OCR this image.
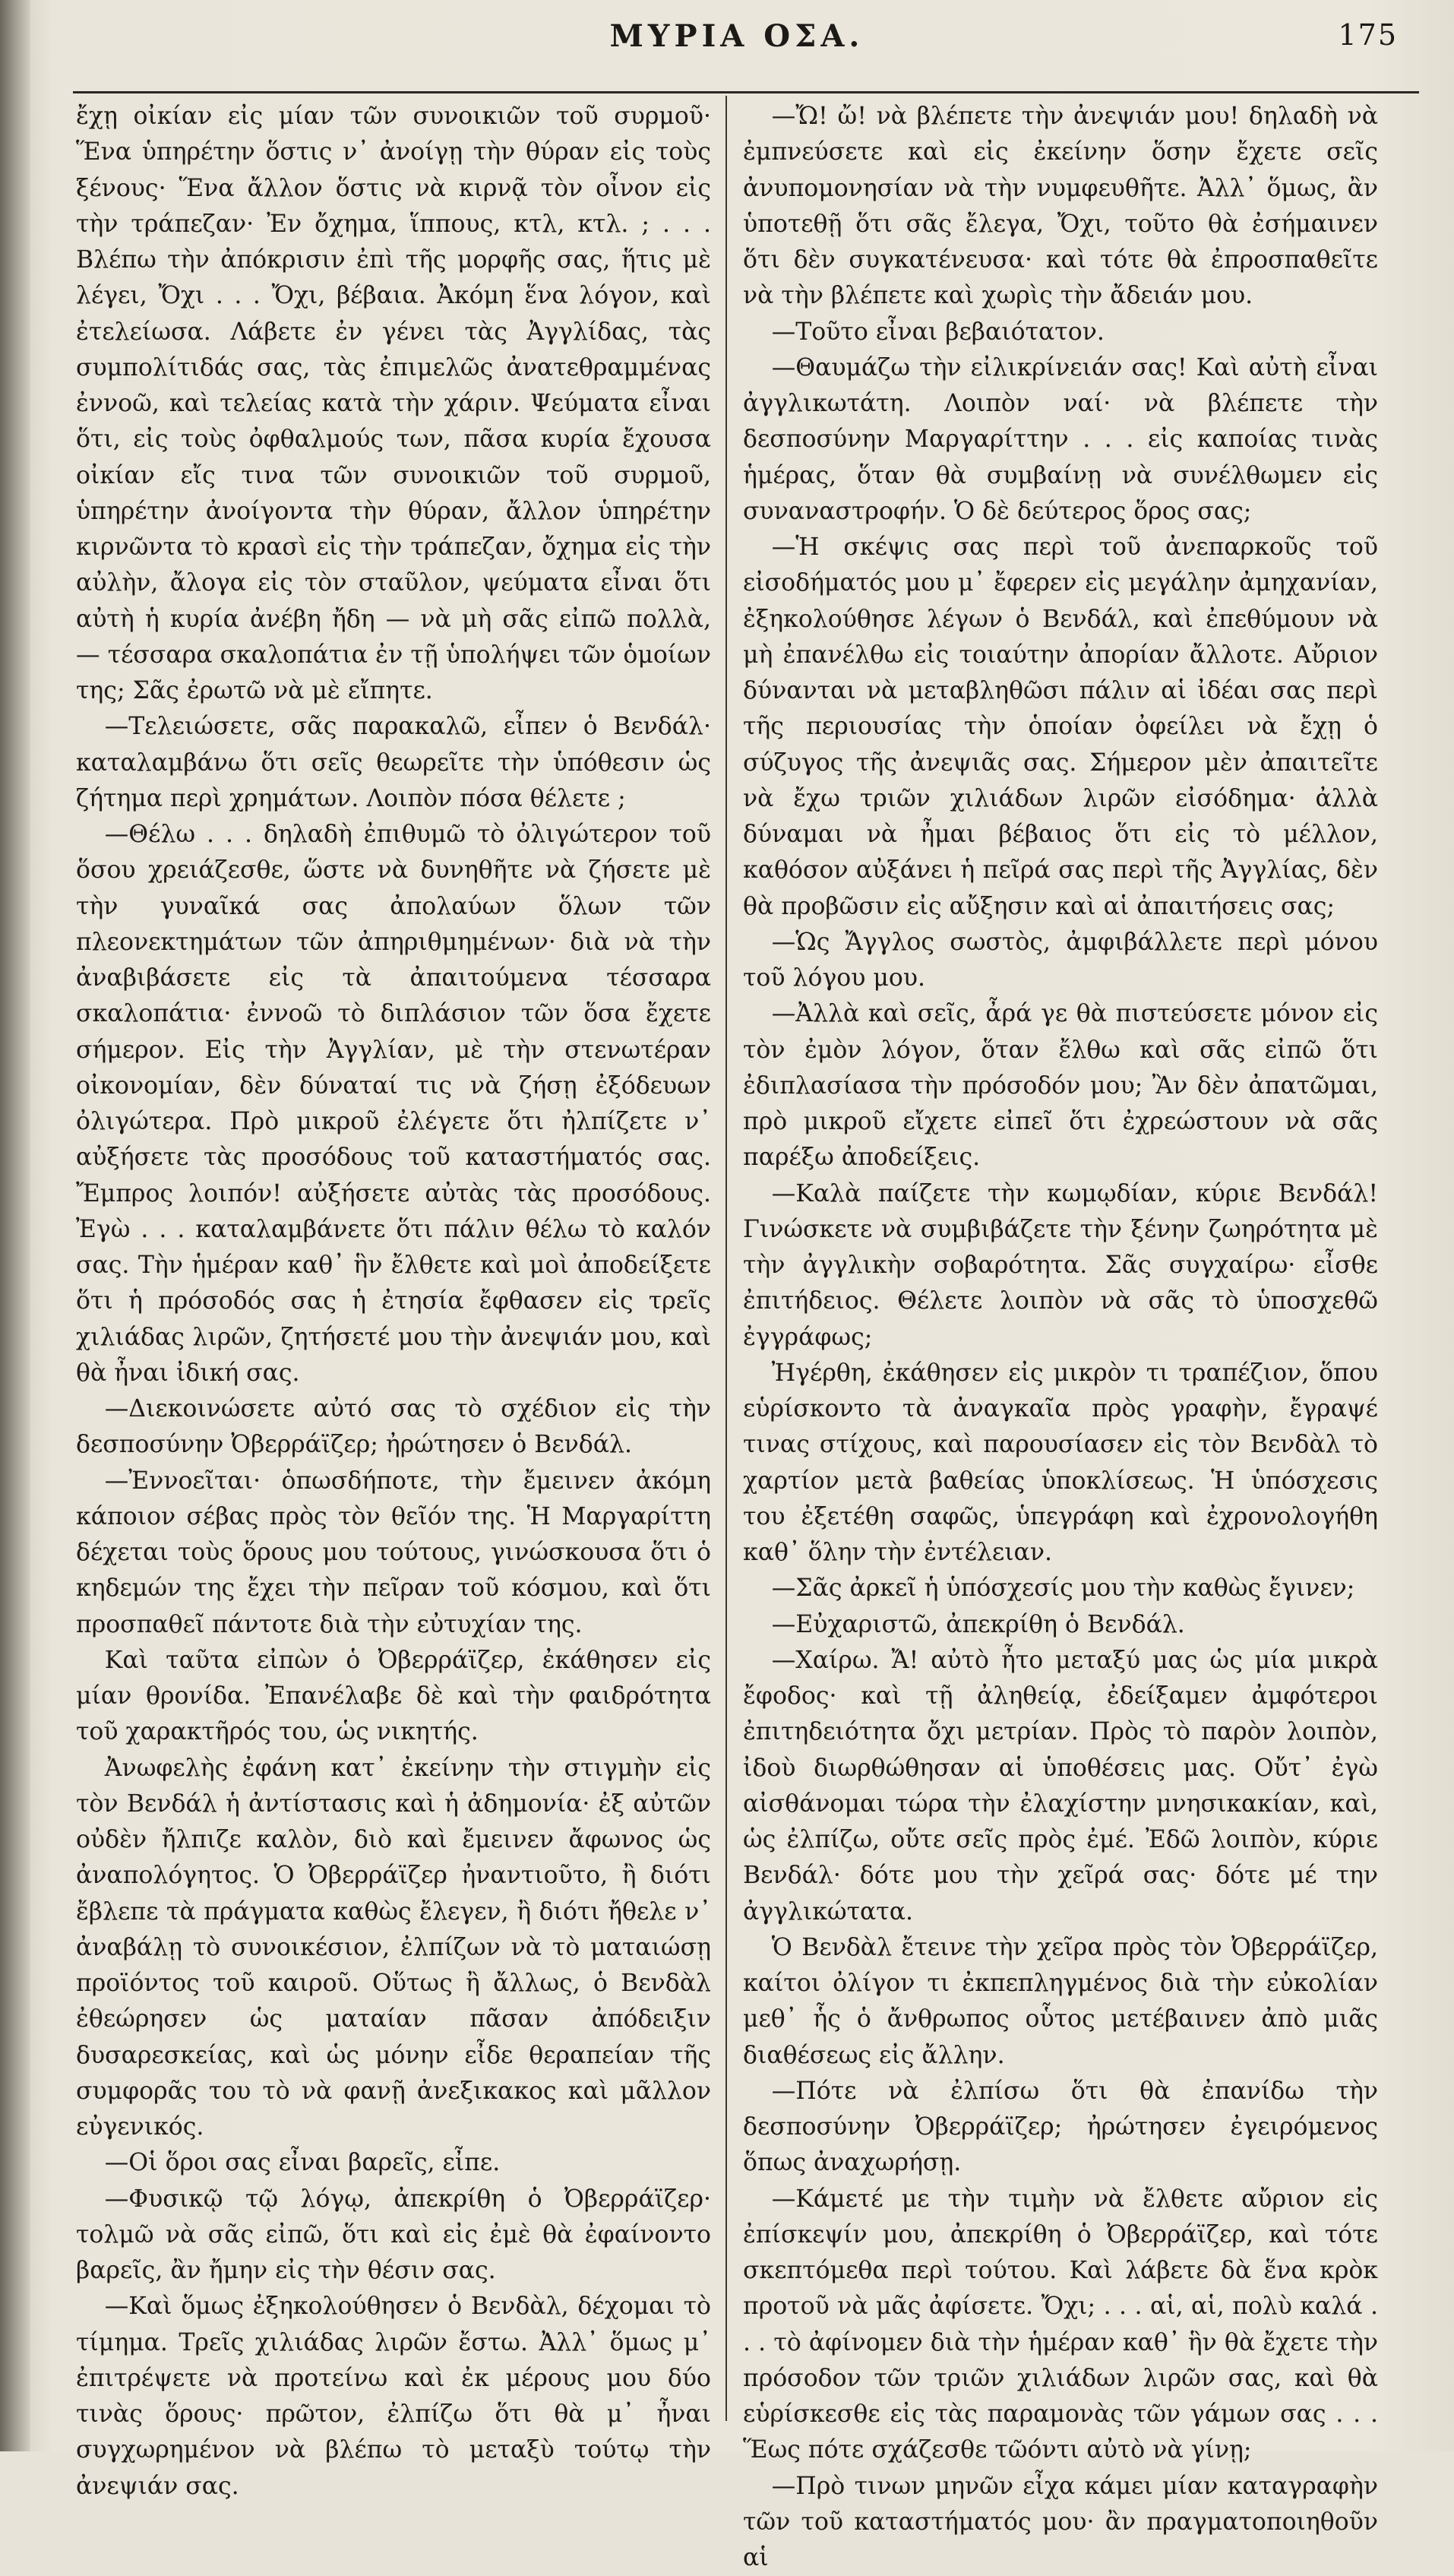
ΜΥΡΙΑ ΟΣΑ.	175

ἔχῃ οἰκίαν εἰς μίαν τῶν συνοικιῶν τοῦ συρμοῦ· Ἕνα ὑπηρέτην ὅστις ν᾽ ἀνοίγῃ τὴν θύραν εἰς τοὺς ξένους· Ἕνα ἄλλον ὅστις νὰ κιρνᾷ τὸν οἶνον εἰς τὴν τράπεζαν· Ἐν ὄχημα, ἵππους, κτλ, κτλ. ; . . . Βλέπω τὴν ἀπόκρισιν ἐπὶ τῆς μορφῆς σας, ἥτις μὲ λέγει, Ὄχι . . . Ὄχι, βέβαια. Ἀκόμη ἕνα λόγον, καὶ ἐτελείωσα. Λάβετε ἐν γένει τὰς Ἀγγλίδας, τὰς συμπολίτιδάς σας, τὰς ἐπιμελῶς ἀνατεθραμμένας ἐννοῶ, καὶ τελείας κατὰ τὴν χάριν. Ψεύματα εἶναι ὅτι, εἰς τοὺς ὀφθαλμούς των, πᾶσα κυρία ἔχουσα οἰκίαν εἴς τινα τῶν συνοικιῶν τοῦ συρμοῦ, ὑπηρέτην ἀνοίγοντα τὴν θύραν, ἄλλον ὑπηρέτην κιρνῶντα τὸ κρασὶ εἰς τὴν τράπεζαν, ὄχημα εἰς τὴν αὐλὴν, ἄλογα εἰς τὸν σταῦλον, ψεύματα εἶναι ὅτι αὐτὴ ἡ κυρία ἀνέβη ἤδη — νὰ μὴ σᾶς εἰπῶ πολλὰ, — τέσσαρα σκαλοπάτια ἐν τῇ ὑπολήψει τῶν ὁμοίων της; Σᾶς ἐρωτῶ νὰ μὲ εἴπητε.

—Τελειώσετε, σᾶς παρακαλῶ, εἶπεν ὁ Βενδάλ· καταλαμβάνω ὅτι σεῖς θεωρεῖτε τὴν ὑπόθεσιν ὡς ζήτημα περὶ χρημάτων. Λοιπὸν πόσα θέλετε ;

—Θέλω . . . δηλαδὴ ἐπιθυμῶ τὸ ὀλιγώτερον τοῦ ὅσου χρειάζεσθε, ὥστε νὰ δυνηθῆτε νὰ ζήσετε μὲ τὴν γυναῖκά σας ἀπολαύων ὅλων τῶν πλεονεκτημάτων τῶν ἀπηριθμημένων· διὰ νὰ τὴν ἀναβιβάσετε εἰς τὰ ἀπαιτούμενα τέσσαρα σκαλοπάτια· ἐννοῶ τὸ διπλάσιον τῶν ὅσα ἔχετε σήμερον. Εἰς τὴν Ἀγγλίαν, μὲ τὴν στενωτέραν οἰκονομίαν, δὲν δύναταί τις νὰ ζήσῃ ἐξόδευων ὀλιγώτερα. Πρὸ μικροῦ ἐλέγετε ὅτι ἠλπίζετε ν᾽ αὐξήσετε τὰς προσόδους τοῦ καταστήματός σας. Ἔμπρος λοιπόν! αὐξήσετε αὐτὰς τὰς προσόδους. Ἐγὼ . . . καταλαμβάνετε ὅτι πάλιν θέλω τὸ καλόν σας. Τὴν ἡμέραν καθ᾽ ἣν ἔλθετε καὶ μοὶ ἀποδείξετε ὅτι ἡ πρόσοδός σας ἡ ἐτησία ἔφθασεν εἰς τρεῖς χιλιάδας λιρῶν, ζητήσετέ μου τὴν ἀνεψιάν μου, καὶ θὰ ἦναι ἰδική σας.

—Διεκοινώσετε αὐτό σας τὸ σχέδιον εἰς τὴν δεσποσύνην Ὀβερράϊζερ; ἠρώτησεν ὁ Βενδάλ.

—Ἐννοεῖται· ὁπωσδήποτε, τὴν ἔμεινεν ἀκόμη κάποιον σέβας πρὸς τὸν θεῖόν της. Ἡ Μαργαρίττη δέχεται τοὺς ὅρους μου τούτους, γινώσκουσα ὅτι ὁ κηδεμών της ἔχει τὴν πεῖραν τοῦ κόσμου, καὶ ὅτι προσπαθεῖ πάντοτε διὰ τὴν εὐτυχίαν της.

Καὶ ταῦτα εἰπὼν ὁ Ὀβερράϊζερ, ἐκάθησεν εἰς μίαν θρονίδα. Ἐπανέλαβε δὲ καὶ τὴν φαιδρότητα τοῦ χαρακτῆρός του, ὡς νικητής.

Ἀνωφελὴς ἐφάνη κατ᾽ ἐκείνην τὴν στιγμὴν εἰς τὸν Βενδάλ ἡ ἀντίστασις καὶ ἡ ἀδημονία· ἐξ αὐτῶν οὐδὲν ἤλπιζε καλὸν, διὸ καὶ ἔμεινεν ἄφωνος ὡς ἀναπολόγητος. Ὁ Ὀβερράϊζερ ἠναντιοῦτο, ἢ διότι ἔβλεπε τὰ πράγματα καθὼς ἔλεγεν, ἢ διότι ἤθελε ν᾽ ἀναβάλῃ τὸ συνοικέσιον, ἐλπίζων νὰ τὸ ματαιώσῃ προϊόντος τοῦ καιροῦ. Οὕτως ἢ ἄλλως, ὁ Βενδὰλ ἐθεώρησεν ὡς ματαίαν πᾶσαν ἀπόδειξιν δυσαρεσκείας, καὶ ὡς μόνην εἶδε θεραπείαν τῆς συμφορᾶς του τὸ νὰ φανῇ ἀνεξικακος καὶ μᾶλλον εὐγενικός.

—Οἱ ὅροι σας εἶναι βαρεῖς, εἶπε.

—Φυσικῷ τῷ λόγῳ, ἀπεκρίθη ὁ Ὀβερράϊζερ· τολμῶ νὰ σᾶς εἰπῶ, ὅτι καὶ εἰς ἐμὲ θὰ ἐφαίνοντο βαρεῖς, ἂν ἤμην εἰς τὴν θέσιν σας.

—Καὶ ὅμως ἐξηκολούθησεν ὁ Βενδὰλ, δέχομαι τὸ τίμημα. Τρεῖς χιλιάδας λιρῶν ἔστω. Ἀλλ᾽ ὅμως μ᾽ ἐπιτρέψετε νὰ προτείνω καὶ ἐκ μέρους μου δύο τινὰς ὅρους· πρῶτον, ἐλπίζω ὅτι θὰ μ᾽ ἦναι συγχωρημένον νὰ βλέπω τὸ μεταξὺ τούτῳ τὴν ἀνεψιάν σας.

—Ὤ! ὤ! νὰ βλέπετε τὴν ἀνεψιάν μου! δηλαδὴ νὰ ἐμπνεύσετε καὶ εἰς ἐκείνην ὅσην ἔχετε σεῖς ἀνυπομονησίαν νὰ τὴν νυμφευθῆτε. Ἀλλ᾽ ὅμως, ἂν ὑποτεθῇ ὅτι σᾶς ἔλεγα, Ὄχι, τοῦτο θὰ ἐσήμαινεν ὅτι δὲν συγκατένευσα· καὶ τότε θὰ ἐπροσπαθεῖτε νὰ τὴν βλέπετε καὶ χωρὶς τὴν ἄδειάν μου.

—Τοῦτο εἶναι βεβαιότατον.

—Θαυμάζω τὴν εἰλικρίνειάν σας! Καὶ αὐτὴ εἶναι ἀγγλικωτάτη. Λοιπὸν ναί· νὰ βλέπετε τὴν δεσποσύνην Μαργαρίττην . . . εἰς καποίας τινὰς ἡμέρας, ὅταν θὰ συμβαίνῃ νὰ συνέλθωμεν εἰς συναναστροφήν. Ὁ δὲ δεύτερος ὅρος σας;

—Ἡ σκέψις σας περὶ τοῦ ἀνεπαρκοῦς τοῦ εἰσοδήματός μου μ᾽ ἔφερεν εἰς μεγάλην ἀμηχανίαν, ἐξηκολούθησε λέγων ὁ Βενδάλ, καὶ ἐπεθύμουν νὰ μὴ ἐπανέλθω εἰς τοιαύτην ἀπορίαν ἄλλοτε. Αὔριον δύνανται νὰ μεταβληθῶσι πάλιν αἱ ἰδέαι σας περὶ τῆς περιουσίας τὴν ὁποίαν ὀφείλει νὰ ἔχῃ ὁ σύζυγος τῆς ἀνεψιᾶς σας. Σήμερον μὲν ἀπαιτεῖτε νὰ ἔχω τριῶν χιλιάδων λιρῶν εἰσόδημα· ἀλλὰ δύναμαι νὰ ἦμαι βέβαιος ὅτι εἰς τὸ μέλλον, καθόσον αὐξάνει ἡ πεῖρά σας περὶ τῆς Ἀγγλίας, δὲν θὰ προβῶσιν εἰς αὔξησιν καὶ αἱ ἀπαιτήσεις σας;

—Ὡς Ἄγγλος σωστὸς, ἀμφιβάλλετε περὶ μόνου τοῦ λόγου μου.

—Ἀλλὰ καὶ σεῖς, ἆρά γε θὰ πιστεύσετε μόνον εἰς τὸν ἐμὸν λόγον, ὅταν ἔλθω καὶ σᾶς εἰπῶ ὅτι ἐδιπλασίασα τὴν πρόσοδόν μου; Ἂν δὲν ἀπατῶμαι, πρὸ μικροῦ εἴχετε εἰπεῖ ὅτι ἐχρεώστουν νὰ σᾶς παρέξω ἀποδείξεις.

—Καλὰ παίζετε τὴν κωμῳδίαν, κύριε Βενδάλ! Γινώσκετε νὰ συμβιβάζετε τὴν ξένην ζωηρότητα μὲ τὴν ἀγγλικὴν σοβαρότητα. Σᾶς συγχαίρω· εἶσθε ἐπιτήδειος. Θέλετε λοιπὸν νὰ σᾶς τὸ ὑποσχεθῶ ἐγγράφως;

Ἠγέρθη, ἐκάθησεν εἰς μικρὸν τι τραπέζιον, ὅπου εὑρίσκοντο τὰ ἀναγκαῖα πρὸς γραφὴν, ἔγραψέ τινας στίχους, καὶ παρουσίασεν εἰς τὸν Βενδὰλ τὸ χαρτίον μετὰ βαθείας ὑποκλίσεως. Ἡ ὑπόσχεσις του ἐξετέθη σαφῶς, ὑπεγράφη καὶ ἐχρονολογήθη καθ᾽ ὅλην τὴν ἐντέλειαν.

—Σᾶς ἀρκεῖ ἡ ὑπόσχεσίς μου τὴν καθὼς ἔγινεν;

—Εὐχαριστῶ, ἀπεκρίθη ὁ Βενδάλ.

—Χαίρω. Ἄ! αὐτὸ ἦτο μεταξύ μας ὡς μία μικρὰ ἔφοδος· καὶ τῇ ἀληθείᾳ, ἐδείξαμεν ἀμφότεροι ἐπιτηδειότητα ὄχι μετρίαν. Πρὸς τὸ παρὸν λοιπὸν, ἰδοὺ διωρθώθησαν αἱ ὑποθέσεις μας. Οὔτ᾽ ἐγὼ αἰσθάνομαι τώρα τὴν ἐλαχίστην μνησικακίαν, καὶ, ὡς ἐλπίζω, οὔτε σεῖς πρὸς ἐμέ. Ἐδῶ λοιπὸν, κύριε Βενδάλ· δότε μου τὴν χεῖρά σας· δότε μέ την ἀγγλικώτατα.

Ὁ Βενδὰλ ἔτεινε τὴν χεῖρα πρὸς τὸν Ὀβερράϊζερ, καίτοι ὀλίγον τι ἐκπεπληγμένος διὰ τὴν εὐκολίαν μεθ᾽ ἧς ὁ ἄνθρωπος οὗτος μετέβαινεν ἀπὸ μιᾶς διαθέσεως εἰς ἄλλην.

—Πότε νὰ ἐλπίσω ὅτι θὰ ἐπανίδω τὴν δεσποσύνην Ὀβερράϊζερ; ἠρώτησεν ἐγειρόμενος ὅπως ἀναχωρήσῃ.

—Κάμετέ με τὴν τιμὴν νὰ ἔλθετε αὔριον εἰς ἐπίσκεψίν μου, ἀπεκρίθη ὁ Ὀβερράϊζερ, καὶ τότε σκεπτόμεθα περὶ τούτου. Καὶ λάβετε δὰ ἕνα κρὸκ προτοῦ νὰ μᾶς ἀφίσετε. Ὄχι; . . . αἱ, αἱ, πολὺ καλά . . . τὸ ἀφίνομεν διὰ τὴν ἡμέραν καθ᾽ ἣν θὰ ἔχετε τὴν πρόσοδον τῶν τριῶν χιλιάδων λιρῶν σας, καὶ θὰ εὑρίσκεσθε εἰς τὰς παραμονὰς τῶν γάμων σας . . . Ἕως πότε σχάζεσθε τῶόντι αὐτὸ νὰ γίνῃ;

—Πρὸ τινων μηνῶν εἶχα κάμει μίαν καταγραφὴν τῶν τοῦ καταστήματός μου· ἂν πραγματοποιηθοῦν αἱ
